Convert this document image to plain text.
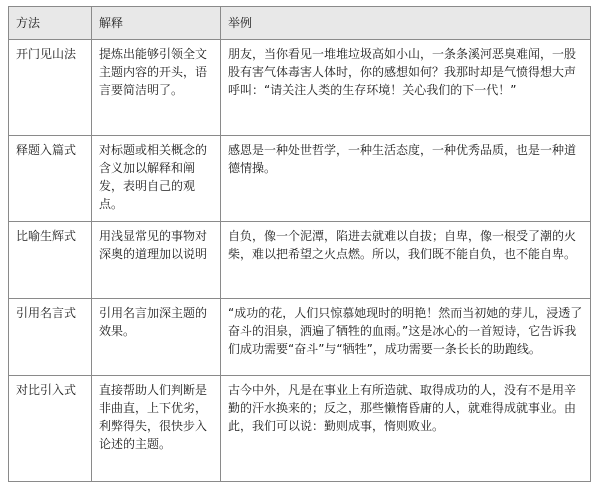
方法	解释	举例
开门见山法	提炼出能够引领全文主题内容的开头，语言要简洁明了。	朋友，当你看见一堆堆垃圾高如小山，一条条溪河恶臭难闻，一股股有害气体毒害人体时，你的感想如何？我那时却是气愤得想大声呼叫：“请关注人类的生存环境！关心我们的下一代！”
释题入篇式	对标题或相关概念的含义加以解释和阐发，表明自己的观点。	感恩是一种处世哲学，一种生活态度，一种优秀品质，也是一种道德情操。
比喻生辉式	用浅显常见的事物对深奥的道理加以说明	自负，像一个泥潭，陷进去就难以自拔；自卑，像一根受了潮的火柴，难以把希望之火点燃。所以，我们既不能自负，也不能自卑。
引用名言式	引用名言加深主题的效果。	“成功的花，人们只惊慕她现时的明艳！然而当初她的芽儿，浸透了奋斗的泪泉，洒遍了牺牲的血雨。”这是冰心的一首短诗，它告诉我们成功需要“奋斗”与“牺牲”，成功需要一条长长的助跑线。
对比引入式	直接帮助人们判断是非曲直，上下优劣，利弊得失，很快步入论述的主题。	古今中外，凡是在事业上有所造就、取得成功的人，没有不是用辛勤的汗水换来的；反之，那些懒惰昏庸的人，就难得成就事业。由此，我们可以说：勤则成事，惰则败业。
